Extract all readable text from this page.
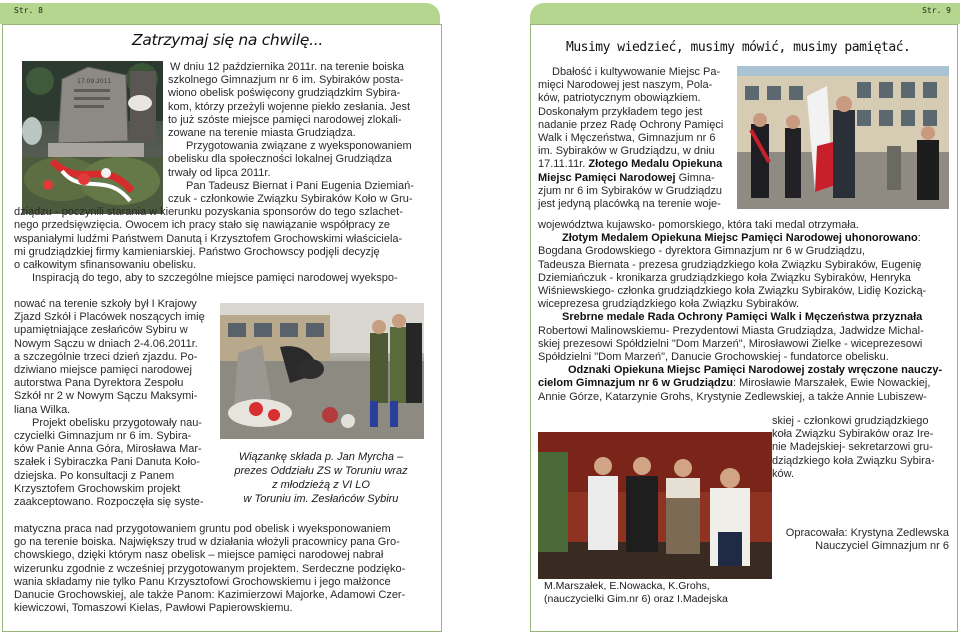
Str. 8
Zatrzymaj się na chwilę...
17.09.2011
W dniu 12 października 2011r. na terenie boiska
szkolnego Gimnazjum nr 6 im. Sybiraków posta-
wiono obelisk poświęcony grudziądzkim Sybira-
kom, którzy przeżyli wojenne piekło zesłania. Jest
to już szóste miejsce pamięci narodowej zlokali-
zowane na terenie miasta Grudziądza.
Przygotowania związane z wyeksponowaniem
obelisku dla społeczności lokalnej Grudziądza
trwały od lipca 2011r.
Pan Tadeusz Biernat i Pani Eugenia Dziemiań-
czuk - członkowie Związku Sybiraków Koło w Gru-
dziądzu - poczynili starania w kierunku pozyskania sponsorów do tego szlachet-
nego przedsięwzięcia. Owocem ich pracy stało się nawiązanie współpracy ze
wspaniałymi ludźmi Państwem Danutą i Krzysztofem Grochowskimi właściciela-
mi grudziądzkiej firmy kamieniarskiej. Państwo Grochowscy podjęli decyzję
o całkowitym sfinansowaniu obelisku.
Inspiracją do tego, aby to szczególne miejsce pamięci narodowej wyekspo-
nować na terenie szkoły był I Krajowy
Zjazd Szkół i Placówek noszących imię
upamiętniające zesłańców Sybiru w
Nowym Sączu w dniach 2-4.06.2011r.
a szczególnie trzeci dzień zjazdu. Po-
dziwiano miejsce pamięci narodowej
autorstwa Pana Dyrektora Zespołu
Szkół nr 2 w Nowym Sączu Maksymi-
liana Wilka.
Projekt obelisku przygotowały nau-
czycielki Gimnazjum nr 6 im. Sybira-
ków Panie Anna Góra, Mirosława Mar-
szałek i Sybiraczka Pani Danuta Koło-
dziejska. Po konsultacji z Panem
Krzysztofem Grochowskim projekt
zaakceptowano. Rozpoczęła się syste-
matyczna praca nad przygotowaniem gruntu pod obelisk i wyeksponowaniem
go na terenie boiska. Największy trud w działania włożyli pracownicy pana Gro-
chowskiego, dzięki którym nasz obelisk – miejsce pamięci narodowej nabrał
wizerunku zgodnie z wcześniej przygotowanym projektem. Serdeczne podzięko-
wania składamy nie tylko Panu Krzysztofowi Grochowskiemu i jego małżonce
Danucie Grochowskiej, ale także Panom: Kazimierzowi Majorke, Adamowi Czer-
kiewiczowi, Tomaszowi Kielas, Pawłowi Papierowskiemu.
Wiązankę składa p. Jan Myrcha –
prezes Oddziału ZS w Toruniu wraz
z młodzieżą z VI LO
w Toruniu im. Zesłańców Sybiru
Str. 9
Musimy wiedzieć, musimy mówić, musimy pamiętać.
Dbałość i kultywowanie Miejsc Pa-
mięci Narodowej jest naszym, Pola-
ków, patriotycznym obowiązkiem.
Doskonałym przykładem tego jest
nadanie przez Radę Ochrony Pamięci
Walk i Męczeństwa, Gimnazjum nr 6
im. Sybiraków w Grudziądzu, w dniu
17.11.11r. Złotego Medalu Opiekuna
Miejsc Pamięci Narodowej Gimna-
zjum nr 6 im Sybiraków w Grudziądzu
jest jedyną placówką na terenie woje-
województwa kujawsko- pomorskiego, która taki medal otrzymała.
Złotym Medalem Opiekuna Miejsc Pamięci Narodowej uhonorowano:
Bogdana Grodowskiego - dyrektora Gimnazjum nr 6 w Grudziądzu,
Tadeusza Biernata - prezesa grudziądzkiego koła Związku Sybiraków, Eugenię
Dziemiańczuk - kronikarza grudziądzkiego koła Związku Sybiraków, Henryka
Wiśniewskiego- członka grudziądzkiego koła Związku Sybiraków, Lidię Kozicką-
wiceprezesa grudziądzkiego koła Związku Sybiraków.
Srebrne medale Rada Ochrony Pamięci Walk i Męczeństwa przyznała
Robertowi Malinowskiemu- Prezydentowi Miasta Grudziądza, Jadwidze Michal-
skiej prezesowi Spółdzielni "Dom Marzeń", Mirosławowi Zielke - wiceprezesowi
Spółdzielni "Dom Marzeń", Danucie Grochowskiej - fundatorce obelisku.
Odznaki Opiekuna Miejsc Pamięci Narodowej zostały wręczone nauczy-
cielom Gimnazjum nr 6 w Grudziądzu: Mirosławie Marszałek, Ewie Nowackiej,
Annie Górze, Katarzynie Grohs, Krystynie Zedlewskiej, a także Annie Lubiszew-
skiej - członkowi grudziądzkiego
koła Związku Sybiraków oraz Ire-
nie Madejskiej- sekretarzowi gru-
dziądzkiego koła Związku Sybira-
ków.
M.Marszałek, E.Nowacka, K.Grohs,
(nauczycielki Gim.nr 6) oraz I.Madejska
Opracowała: Krystyna Zedlewska
Nauczyciel Gimnazjum nr 6
